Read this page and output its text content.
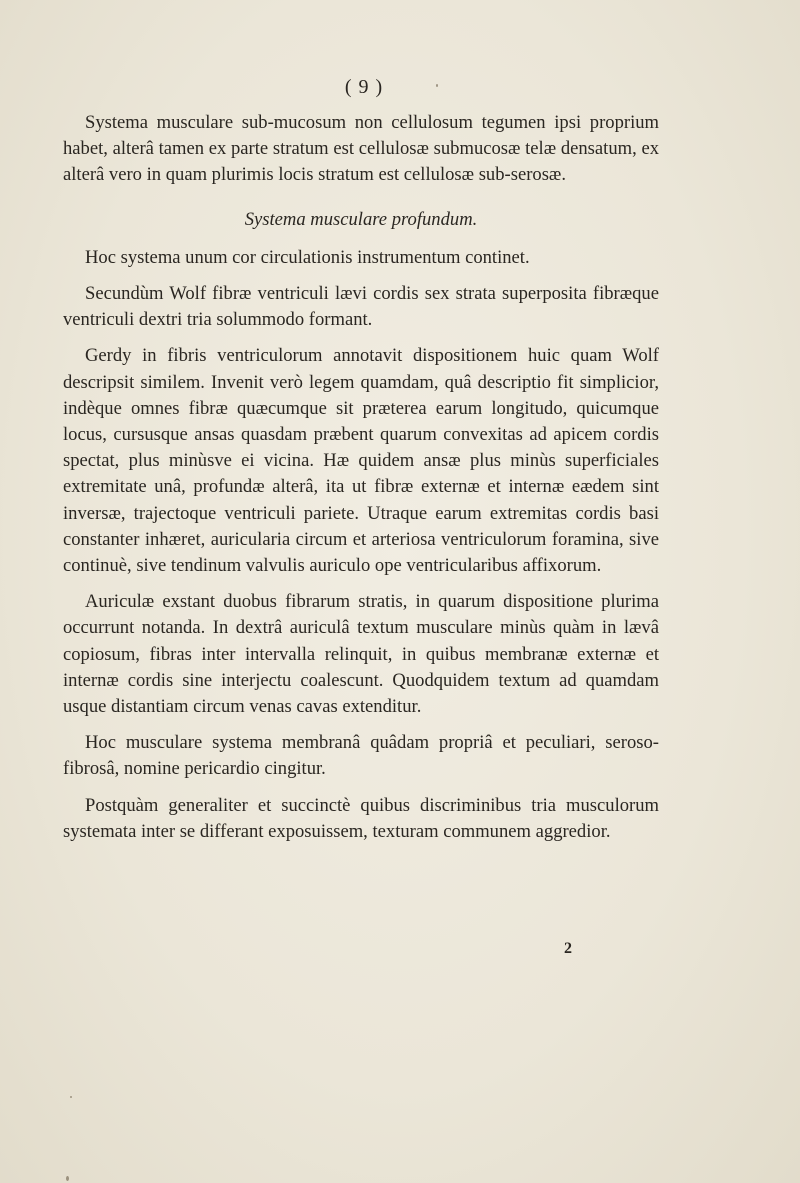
( 9 )

Systema musculare sub-mucosum non cellulosum tegumen ipsi proprium habet, alterâ tamen ex parte stratum est cellulosæ submucosæ telæ densatum, ex alterâ vero in quam plurimis locis stratum est cellulosæ sub-serosæ.

Systema musculare profundum.

Hoc systema unum cor circulationis instrumentum continet.

Secundùm Wolf fibræ ventriculi lævi cordis sex strata superposita fibræque ventriculi dextri tria solummodo formant.

Gerdy in fibris ventriculorum annotavit dispositionem huic quam Wolf descripsit similem. Invenit verò legem quamdam, quâ descriptio fit simplicior, indèque omnes fibræ quæcumque sit præterea earum longitudo, quicumque locus, cursusque ansas quasdam præbent quarum convexitas ad apicem cordis spectat, plus minùsve ei vicina. Hæ quidem ansæ plus minùs superficiales extremitate unâ, profundæ alterâ, ita ut fibræ externæ et internæ eædem sint inversæ, trajectoque ventriculi pariete. Utraque earum extremitas cordis basi constanter inhæret, auricularia circum et arteriosa ventriculorum foramina, sive continuè, sive tendinum valvulis auriculo ope ventricularibus affixorum.

Auriculæ exstant duobus fibrarum stratis, in quarum dispositione plurima occurrunt notanda. In dextrâ auriculâ textum musculare minùs quàm in lævâ copiosum, fibras inter intervalla relinquit, in quibus membranæ externæ et internæ cordis sine interjectu coalescunt. Quodquidem textum ad quamdam usque distantiam circum venas cavas extenditur.

Hoc musculare systema membranâ quâdam propriâ et peculiari, seroso-fibrosâ, nomine pericardio cingitur.

Postquàm generaliter et succinctè quibus discriminibus tria musculorum systemata inter se differant exposuissem, texturam communem aggredior.

2
